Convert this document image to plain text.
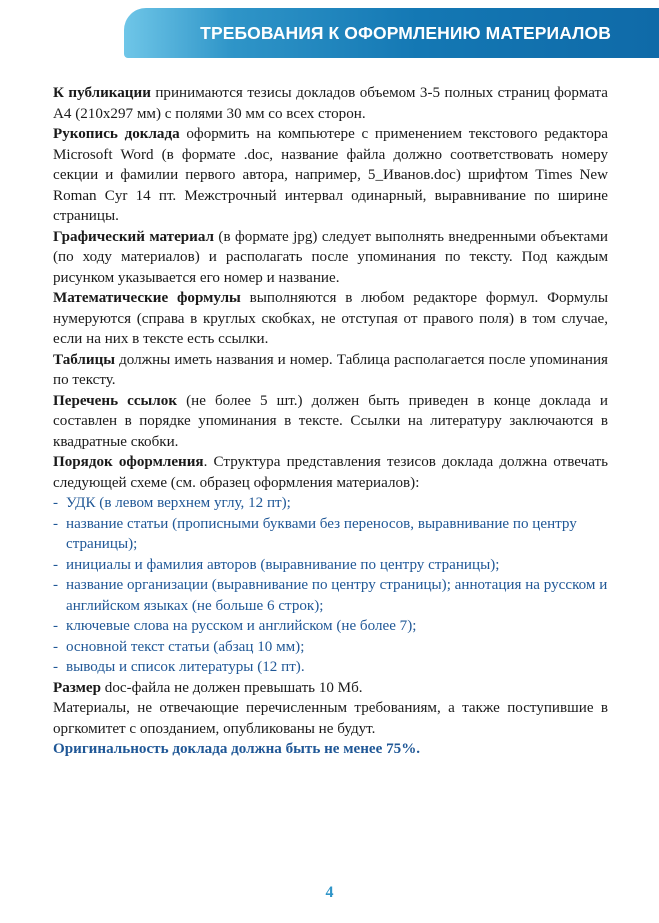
ТРЕБОВАНИЯ К ОФОРМЛЕНИЮ МАТЕРИАЛОВ

К публикации принимаются тезисы докладов объемом 3-5 полных страниц формата А4 (210x297 мм) с полями 30 мм со всех сторон.

Рукопись доклада оформить на компьютере с применением текстового редактора Microsoft Word (в формате .doc, название файла должно соответствовать номеру секции и фамилии первого автора, например, 5_Иванов.doc) шрифтом Times New Roman Cyr 14 пт. Межстрочный интервал одинарный, выравнивание по ширине страницы.

Графический материал (в формате jpg) следует выполнять внедренными объектами (по ходу материалов) и располагать после упоминания по тексту. Под каждым рисунком указывается его номер и название.

Математические формулы выполняются в любом редакторе формул. Формулы нумеруются (справа в круглых скобках, не отступая от правого поля) в том случае, если на них в тексте есть ссылки.

Таблицы должны иметь названия и номер. Таблица располагается после упоминания по тексту.

Перечень ссылок (не более 5 шт.) должен быть приведен в конце доклада и составлен в порядке упоминания в тексте. Ссылки на литературу заключаются в квадратные скобки.

Порядок оформления. Структура представления тезисов доклада должна отвечать следующей схеме (см. образец оформления материалов):

- УДК (в левом верхнем углу, 12 пт);
- название статьи (прописными буквами без переносов, выравнивание по центру страницы);
- инициалы и фамилия авторов (выравнивание по центру страницы);
- название организации (выравнивание по центру страницы); аннотация на русском и английском языках (не больше 6 строк);
- ключевые слова на русском и английском (не более 7);
- основной текст статьи (абзац 10 мм);
- выводы и список литературы (12 пт).

Размер doc-файла не должен превышать 10 Мб.

Материалы, не отвечающие перечисленным требованиям, а также поступившие в оргкомитет с опозданием, опубликованы не будут.

Оригинальность доклада должна быть не менее 75%.

4
